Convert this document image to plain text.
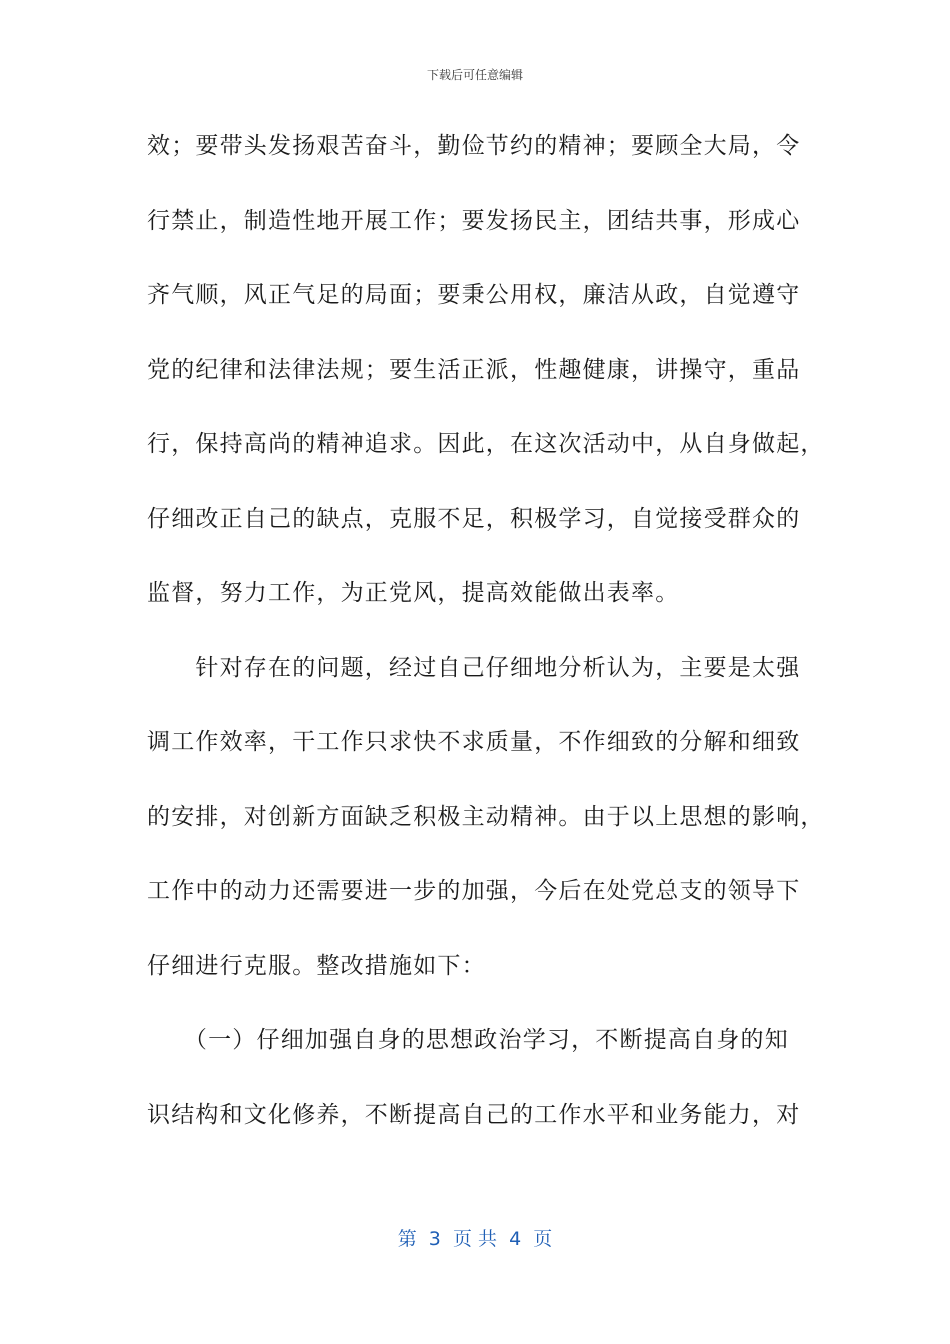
下载后可任意编辑
效；要带头发扬艰苦奋斗，勤俭节约的精神；要顾全大局，令
行禁止，制造性地开展工作；要发扬民主，团结共事，形成心
齐气顺，风正气足的局面；要秉公用权，廉洁从政，自觉遵守
党的纪律和法律法规；要生活正派，性趣健康，讲操守，重品
行，保持高尚的精神追求。因此，在这次活动中，从自身做起，
仔细改正自己的缺点，克服不足，积极学习，自觉接受群众的
监督，努力工作，为正党风，提高效能做出表率。
　　针对存在的问题，经过自己仔细地分析认为，主要是太强
调工作效率，干工作只求快不求质量，不作细致的分解和细致
的安排，对创新方面缺乏积极主动精神。由于以上思想的影响，
工作中的动力还需要进一步的加强，今后在处党总支的领导下
仔细进行克服。整改措施如下：
　　（一）仔细加强自身的思想政治学习，不断提高自身的知
识结构和文化修养，不断提高自己的工作水平和业务能力，对
第  3  页 共  4  页
